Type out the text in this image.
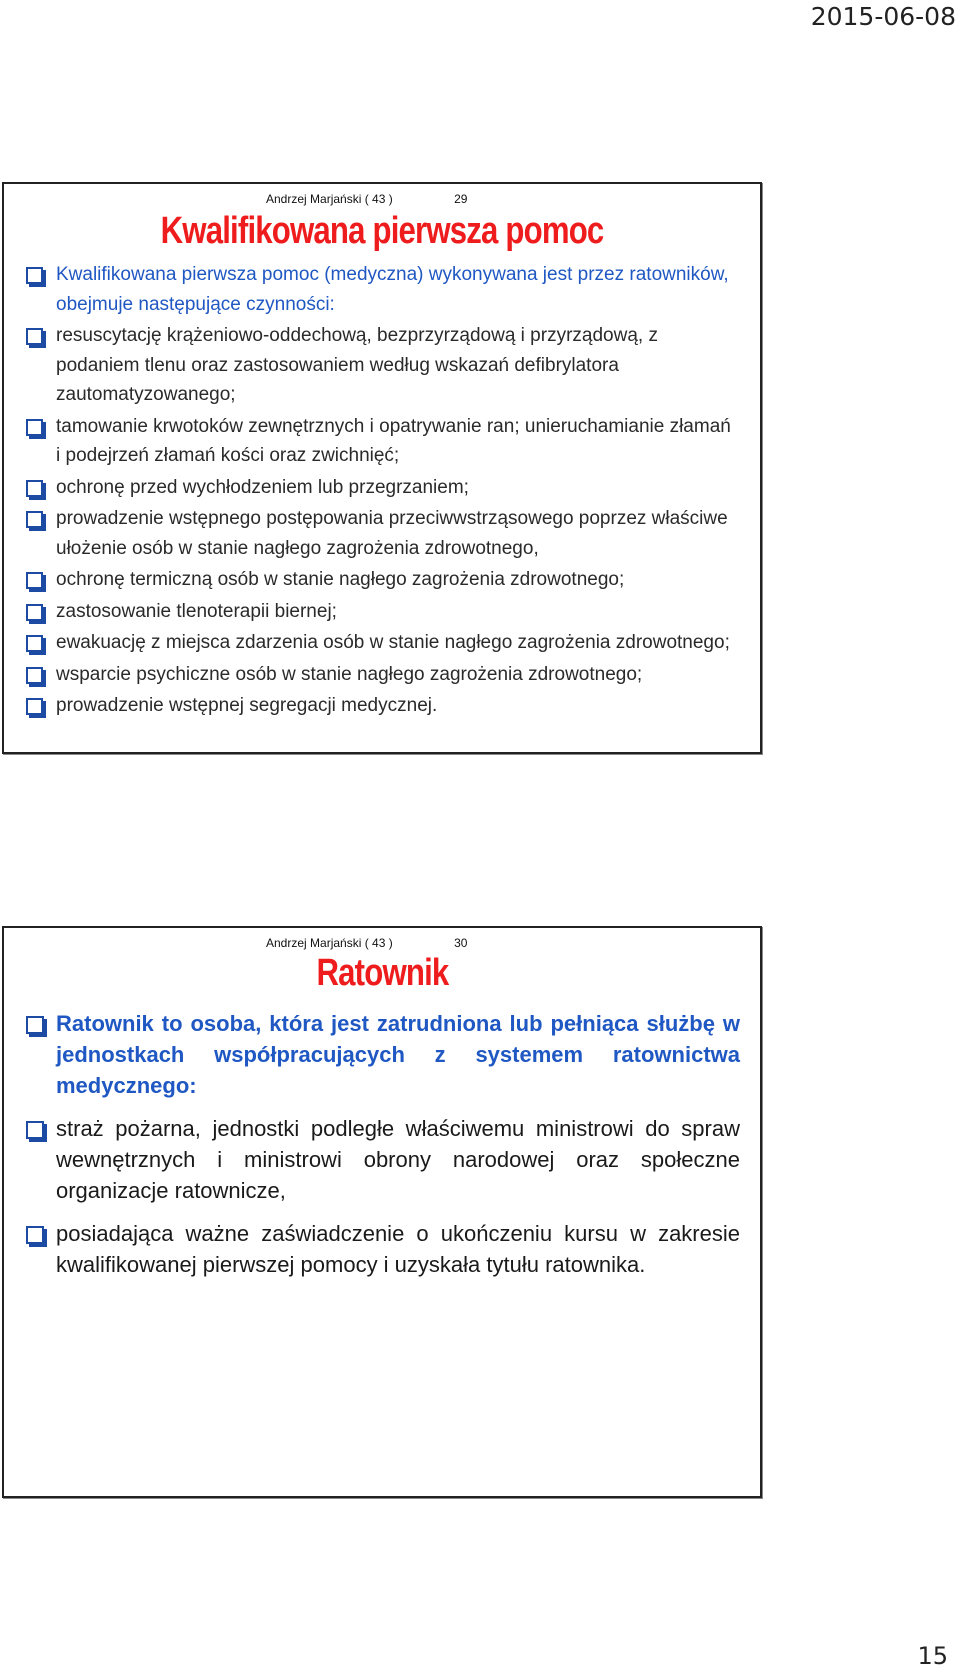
2015-06-08
Andrzej Marjański ( 43 )	29
Kwalifikowana pierwsza pomoc
Kwalifikowana pierwsza pomoc (medyczna) wykonywana jest przez ratowników, obejmuje następujące czynności:
resuscytację krążeniowo-oddechową, bezprzyrządową i przyrządową, z podaniem tlenu oraz zastosowaniem według wskazań defibrylatora zautomatyzowanego;
tamowanie krwotoków zewnętrznych i opatrywanie ran; unieruchamianie złamań i podejrzeń złamań kości oraz zwichnięć;
ochronę przed wychłodzeniem lub przegrzaniem;
prowadzenie wstępnego postępowania przeciwwstrząsowego poprzez właściwe ułożenie osób w stanie nagłego zagrożenia zdrowotnego,
ochronę termiczną osób w stanie nagłego zagrożenia zdrowotnego;
zastosowanie tlenoterapii biernej;
ewakuację z miejsca zdarzenia osób w stanie nagłego zagrożenia zdrowotnego;
wsparcie psychiczne osób w stanie nagłego zagrożenia zdrowotnego;
prowadzenie wstępnej segregacji medycznej.
Andrzej Marjański ( 43 )	30
Ratownik
Ratownik to osoba, która jest zatrudniona lub pełniąca służbę w jednostkach współpracujących z systemem ratownictwa medycznego:
straż pożarna, jednostki podległe właściwemu ministrowi do spraw wewnętrznych i ministrowi obrony narodowej oraz społeczne organizacje ratownicze,
posiadająca ważne zaświadczenie o ukończeniu kursu w zakresie kwalifikowanej pierwszej pomocy i uzyskała tytułu ratownika.
15
